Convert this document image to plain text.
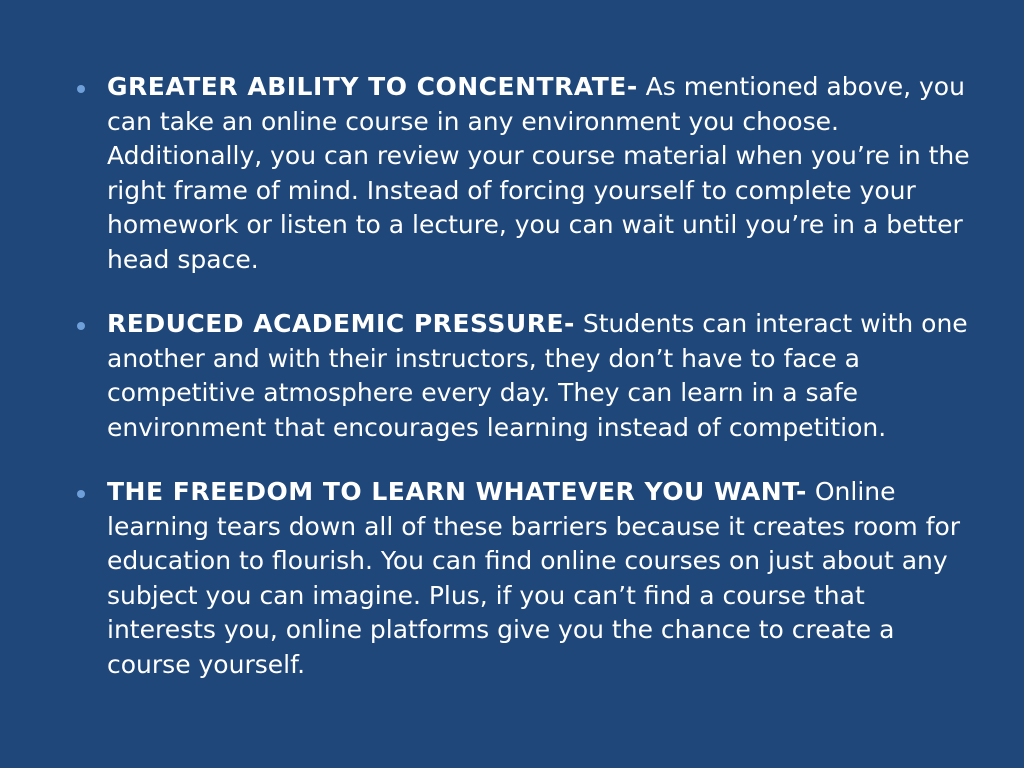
GREATER ABILITY TO CONCENTRATE- As mentioned above, you can take an online course in any environment you choose. Additionally, you can review your course material when you’re in the right frame of mind. Instead of forcing yourself to complete your homework or listen to a lecture, you can wait until you’re in a better head space.
REDUCED ACADEMIC PRESSURE- Students can interact with one another and with their instructors, they don’t have to face a competitive atmosphere every day. They can learn in a safe environment that encourages learning instead of competition.
THE FREEDOM TO LEARN WHATEVER YOU WANT- Online learning tears down all of these barriers because it creates room for education to flourish. You can find online courses on just about any subject you can imagine. Plus, if you can’t find a course that interests you, online platforms give you the chance to create a course yourself.
